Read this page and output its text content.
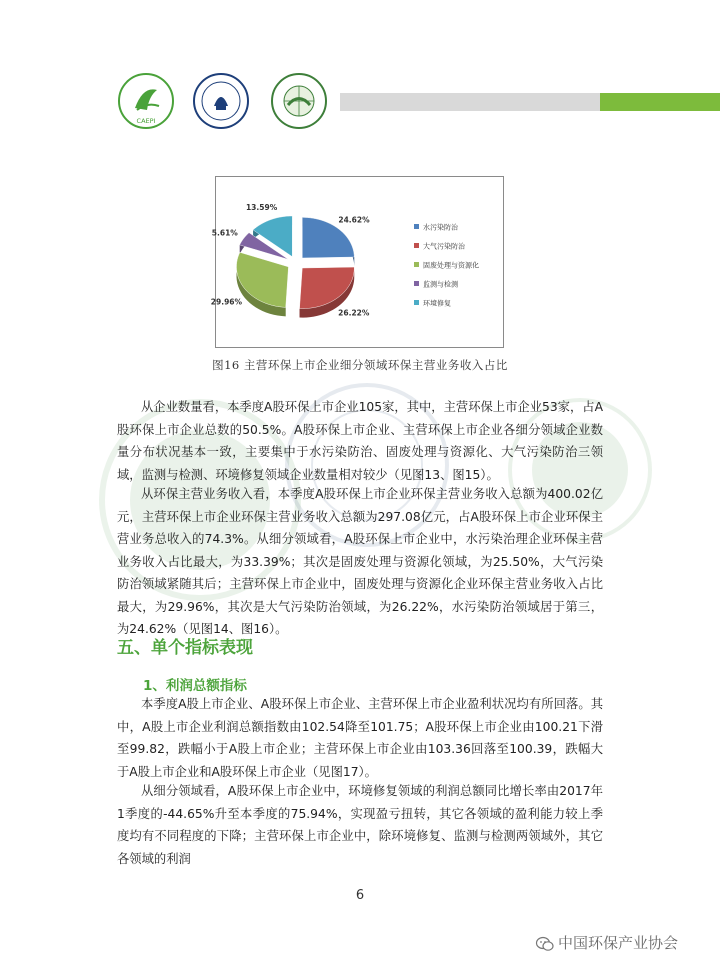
CAEPI
24.62%
26.22%
29.96%
5.61%
13.59%
水污染防治
大气污染防治
固废处理与资源化
监测与检测
环境修复
图16 主营环保上市企业细分领域环保主营业务收入占比

从企业数量看，本季度A股环保上市企业105家，其中，主营环保上市企业53家，占A股环保上市企业总数的50.5%。A股环保上市企业、主营环保上市企业各细分领域企业数量分布状况基本一致，主要集中于水污染防治、固废处理与资源化、大气污染防治三领域，监测与检测、环境修复领域企业数量相对较少（见图13、图15）。

从环保主营业务收入看，本季度A股环保上市企业环保主营业务收入总额为400.02亿元，主营环保上市企业环保主营业务收入总额为297.08亿元，占A股环保上市企业环保主营业务总收入的74.3%。从细分领域看，A股环保上市企业中，水污染治理企业环保主营业务收入占比最大，为33.39%；其次是固废处理与资源化领域，为25.50%，大气污染防治领域紧随其后；主营环保上市企业中，固废处理与资源化企业环保主营业务收入占比最大，为29.96%，其次是大气污染防治领域，为26.22%，水污染防治领域居于第三，为24.62%（见图14、图16）。

五、单个指标表现
1、利润总额指标

本季度A股上市企业、A股环保上市企业、主营环保上市企业盈利状况均有所回落。其中，A股上市企业利润总额指数由102.54降至101.75；A股环保上市企业由100.21下滑至99.82，跌幅小于A股上市企业；主营环保上市企业由103.36回落至100.39，跌幅大于A股上市企业和A股环保上市企业（见图17）。

从细分领域看，A股环保上市企业中，环境修复领域的利润总额同比增长率由2017年1季度的-44.65%升至本季度的75.94%，实现盈亏扭转，其它各领域的盈利能力较上季度均有不同程度的下降；主营环保上市企业中，除环境修复、监测与检测两领域外，其它各领域的利润

6
中国环保产业协会
